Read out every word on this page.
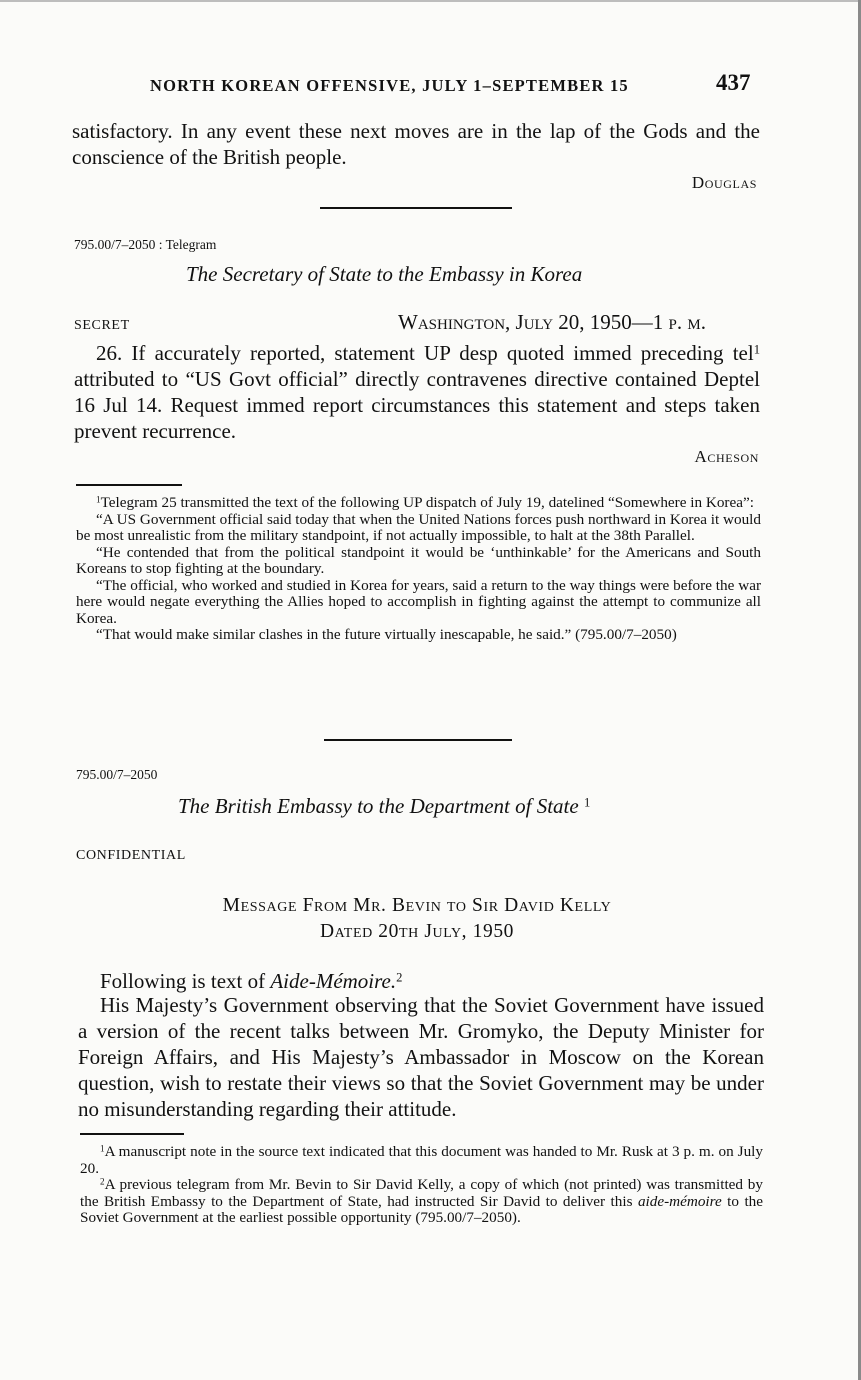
NORTH KOREAN OFFENSIVE, JULY 1–SEPTEMBER 15	437
satisfactory. In any event these next moves are in the lap of the Gods and the conscience of the British people.
Douglas
795.00/7–2050 : Telegram
The Secretary of State to the Embassy in Korea
SECRET	Washington, July 20, 1950—1 p. m.
26. If accurately reported, statement UP desp quoted immed preceding tel$^1$ attributed to “US Govt official” directly contravenes directive contained Deptel 16 Jul 14. Request immed report circumstances this statement and steps taken prevent recurrence.
Acheson

$^1$Telegram 25 transmitted the text of the following UP dispatch of July 19, datelined “Somewhere in Korea”:

“A US Government official said today that when the United Nations forces push northward in Korea it would be most unrealistic from the military standpoint, if not actually impossible, to halt at the 38th Parallel.

“He contended that from the political standpoint it would be ‘unthinkable’ for the Americans and South Koreans to stop fighting at the boundary.

“The official, who worked and studied in Korea for years, said a return to the way things were before the war here would negate everything the Allies hoped to accomplish in fighting against the attempt to communize all Korea.

“That would make similar clashes in the future virtually inescapable, he said.” (795.00/7–2050)

795.00/7–2050
The British Embassy to the Department of State $^1$
CONFIDENTIAL
Message From Mr. Bevin to Sir David Kelly
Dated 20th July, 1950
Following is text of Aide-Mémoire.$^2$
His Majesty’s Government observing that the Soviet Government have issued a version of the recent talks between Mr. Gromyko, the Deputy Minister for Foreign Affairs, and His Majesty’s Ambassador in Moscow on the Korean question, wish to restate their views so that the Soviet Government may be under no misunderstanding regarding their attitude.

$^1$A manuscript note in the source text indicated that this document was handed to Mr. Rusk at 3 p. m. on July 20.

$^2$A previous telegram from Mr. Bevin to Sir David Kelly, a copy of which (not printed) was transmitted by the British Embassy to the Department of State, had instructed Sir David to deliver this aide-mémoire to the Soviet Government at the earliest possible opportunity (795.00/7–2050).
